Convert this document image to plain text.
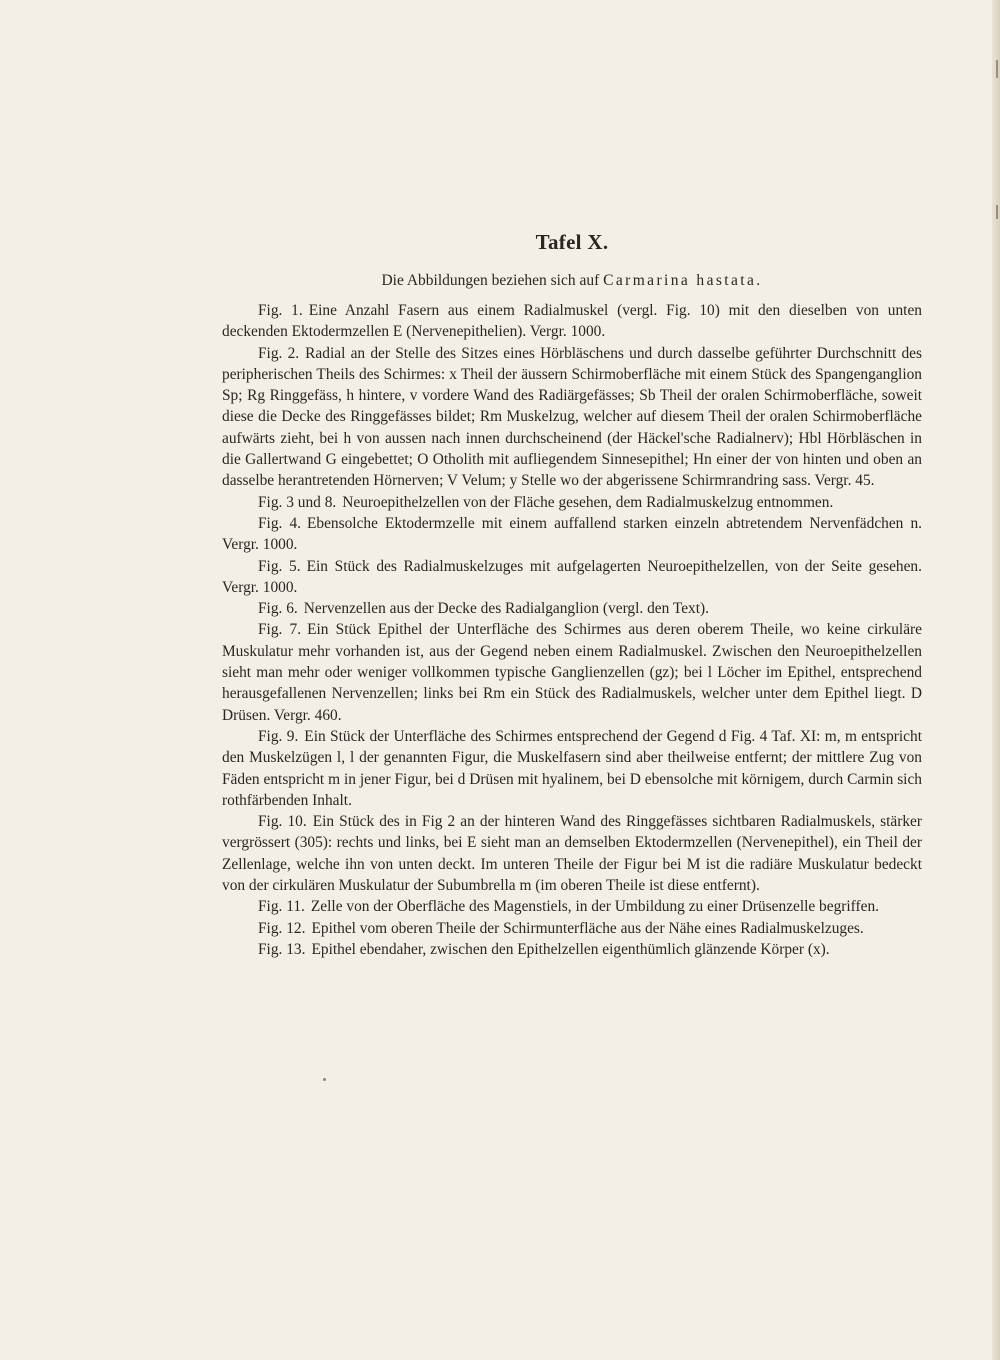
Tafel X.
Die Abbildungen beziehen sich auf Carmarina hastata.

Fig. 1. Eine Anzahl Fasern aus einem Radialmuskel (vergl. Fig. 10) mit den dieselben von unten deckenden Ektodermzellen E (Nervenepithelien). Vergr. 1000.

Fig. 2. Radial an der Stelle des Sitzes eines Hörbläschens und durch dasselbe geführter Durchschnitt des peripherischen Theils des Schirmes: x Theil der äussern Schirmoberfläche mit einem Stück des Spangenganglion Sp; Rg Ringgefäss, h hintere, v vordere Wand des Radiärgefässes; Sb Theil der oralen Schirmoberfläche, soweit diese die Decke des Ringgefässes bildet; Rm Muskelzug, welcher auf diesem Theil der oralen Schirmoberfläche aufwärts zieht, bei h von aussen nach innen durchscheinend (der Häckel'sche Radialnerv); Hbl Hörbläschen in die Gallertwand G eingebettet; O Otholith mit aufliegendem Sinnesepithel; Hn einer der von hinten und oben an dasselbe herantretenden Hörnerven; V Velum; y Stelle wo der abgerissene Schirmrandring sass. Vergr. 45.

Fig. 3 und 8. Neuroepithelzellen von der Fläche gesehen, dem Radialmuskelzug entnommen.

Fig. 4. Ebensolche Ektodermzelle mit einem auffallend starken einzeln abtretendem Nervenfädchen n. Vergr. 1000.

Fig. 5. Ein Stück des Radialmuskelzuges mit aufgelagerten Neuroepithelzellen, von der Seite gesehen. Vergr. 1000.

Fig. 6. Nervenzellen aus der Decke des Radialganglion (vergl. den Text).

Fig. 7. Ein Stück Epithel der Unterfläche des Schirmes aus deren oberem Theile, wo keine cirkuläre Muskulatur mehr vorhanden ist, aus der Gegend neben einem Radialmuskel. Zwischen den Neuroepithelzellen sieht man mehr oder weniger vollkommen typische Ganglienzellen (gz); bei l Löcher im Epithel, entsprechend herausgefallenen Nervenzellen; links bei Rm ein Stück des Radialmuskels, welcher unter dem Epithel liegt. D Drüsen. Vergr. 460.

Fig. 9. Ein Stück der Unterfläche des Schirmes entsprechend der Gegend d Fig. 4 Taf. XI: m, m entspricht den Muskelzügen l, l der genannten Figur, die Muskelfasern sind aber theilweise entfernt; der mittlere Zug von Fäden entspricht m in jener Figur, bei d Drüsen mit hyalinem, bei D ebensolche mit körnigem, durch Carmin sich rothfärbenden Inhalt.

Fig. 10. Ein Stück des in Fig 2 an der hinteren Wand des Ringgefässes sichtbaren Radialmuskels, stärker vergrössert (305): rechts und links, bei E sieht man an demselben Ektodermzellen (Nervenepithel), ein Theil der Zellenlage, welche ihn von unten deckt. Im unteren Theile der Figur bei M ist die radiäre Muskulatur bedeckt von der cirkulären Muskulatur der Subumbrella m (im oberen Theile ist diese entfernt).

Fig. 11. Zelle von der Oberfläche des Magenstiels, in der Umbildung zu einer Drüsenzelle begriffen.

Fig. 12. Epithel vom oberen Theile der Schirmunterfläche aus der Nähe eines Radialmuskelzuges.

Fig. 13. Epithel ebendaher, zwischen den Epithelzellen eigenthümlich glänzende Körper (x).
